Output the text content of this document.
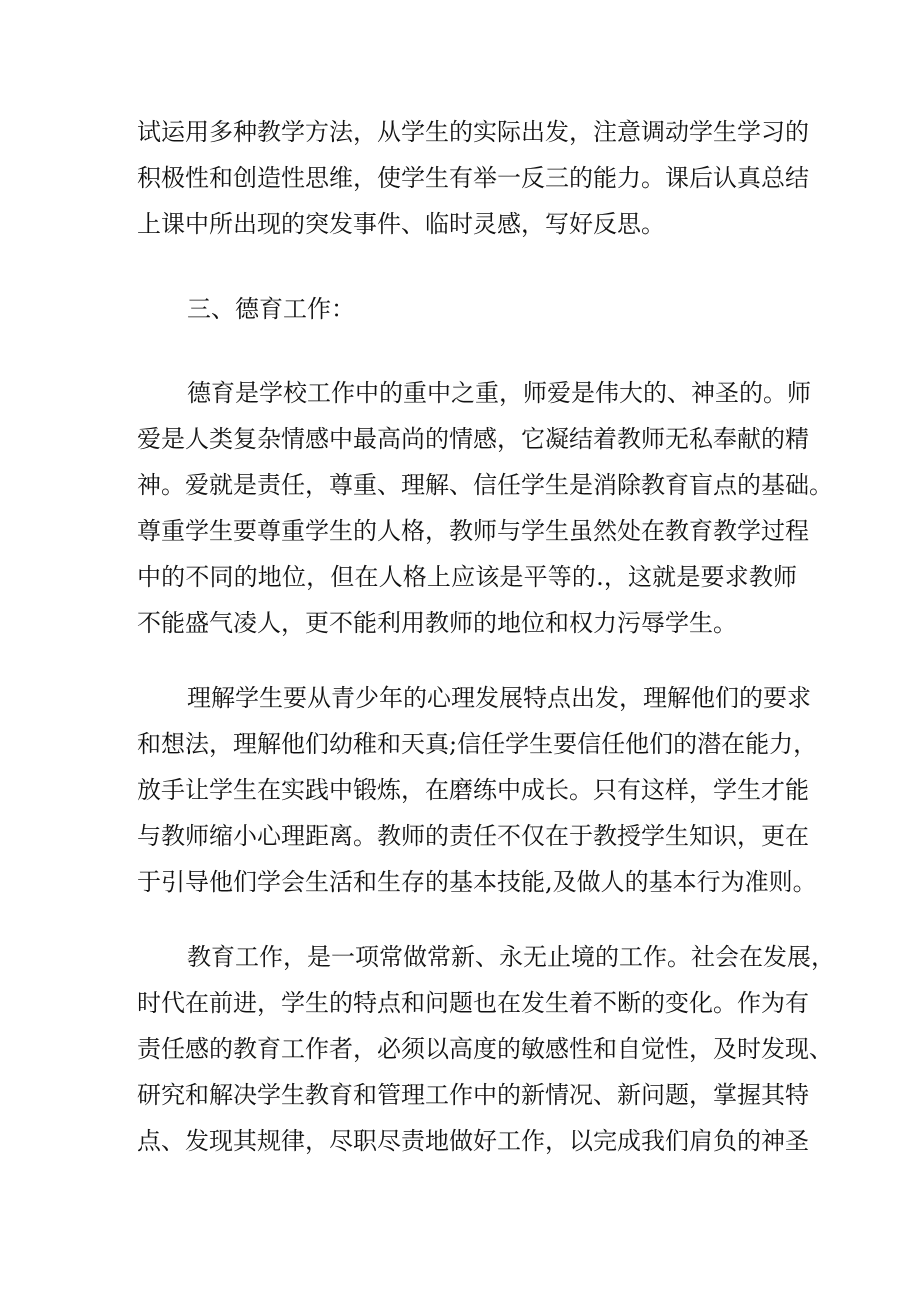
试运用多种教学方法，从学生的实际出发，注意调动学生学习的
积极性和创造性思维，使学生有举一反三的能力。课后认真总结
上课中所出现的突发事件、临时灵感，写好反思。
三、德育工作：
德育是学校工作中的重中之重，师爱是伟大的、神圣的。师
爱是人类复杂情感中最高尚的情感，它凝结着教师无私奉献的精
神。爱就是责任，尊重、理解、信任学生是消除教育盲点的基础。
尊重学生要尊重学生的人格，教师与学生虽然处在教育教学过程
中的不同的地位，但在人格上应该是平等的.，这就是要求教师
不能盛气凌人，更不能利用教师的地位和权力污辱学生。
理解学生要从青少年的心理发展特点出发，理解他们的要求
和想法，理解他们幼稚和天真;信任学生要信任他们的潜在能力，
放手让学生在实践中锻炼，在磨练中成长。只有这样，学生才能
与教师缩小心理距离。教师的责任不仅在于教授学生知识，更在
于引导他们学会生活和生存的基本技能,及做人的基本行为准则。
教育工作，是一项常做常新、永无止境的工作。社会在发展，
时代在前进，学生的特点和问题也在发生着不断的变化。作为有
责任感的教育工作者，必须以高度的敏感性和自觉性，及时发现、
研究和解决学生教育和管理工作中的新情况、新问题，掌握其特
点、发现其规律，尽职尽责地做好工作，以完成我们肩负的神圣
